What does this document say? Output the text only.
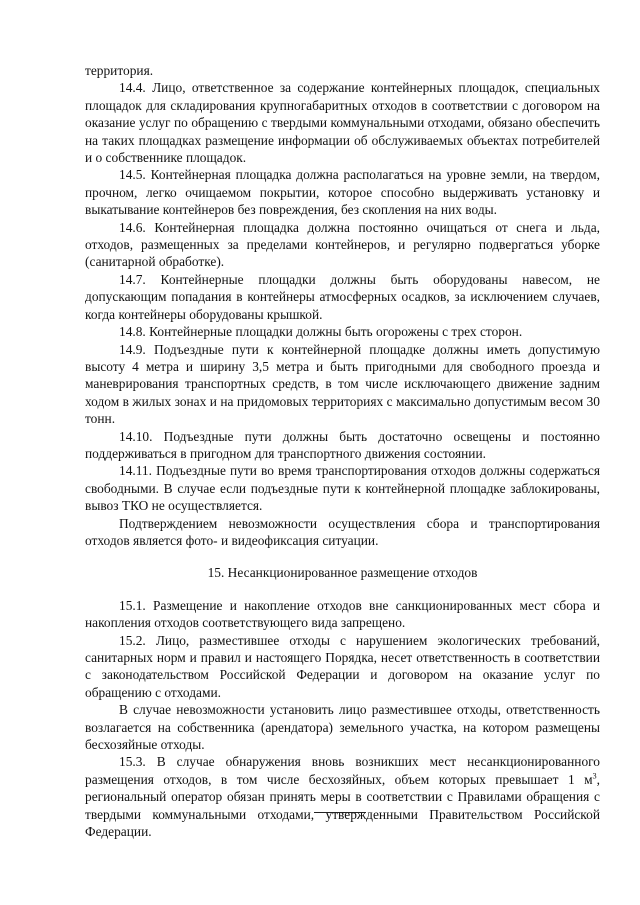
территория.

14.4. Лицо, ответственное за содержание контейнерных площадок, специальных площадок для складирования крупногабаритных отходов в соответствии с договором на оказание услуг по обращению с твердыми коммунальными отходами, обязано обеспечить на таких площадках размещение информации об обслуживаемых объектах потребителей и о собственнике площадок.

14.5. Контейнерная площадка должна располагаться на уровне земли, на твердом, прочном, легко очищаемом покрытии, которое способно выдерживать установку и выкатывание контейнеров без повреждения, без скопления на них воды.

14.6. Контейнерная площадка должна постоянно очищаться от снега и льда, отходов, размещенных за пределами контейнеров, и регулярно подвергаться уборке (санитарной обработке).

14.7. Контейнерные площадки должны быть оборудованы навесом, не допускающим попадания в контейнеры атмосферных осадков, за исключением случаев, когда контейнеры оборудованы крышкой.

14.8. Контейнерные площадки должны быть огорожены с трех сторон.

14.9. Подъездные пути к контейнерной площадке должны иметь допустимую высоту 4 метра и ширину 3,5 метра и быть пригодными для свободного проезда и маневрирования транспортных средств, в том числе исключающего движение задним ходом в жилых зонах и на придомовых территориях с максимально допустимым весом 30 тонн.

14.10. Подъездные пути должны быть достаточно освещены и постоянно поддерживаться в пригодном для транспортного движения состоянии.

14.11. Подъездные пути во время транспортирования отходов должны содержаться свободными. В случае если подъездные пути к контейнерной площадке заблокированы, вывоз ТКО не осуществляется.

Подтверждением невозможности осуществления сбора и транспортирования отходов является фото- и видеофиксация ситуации.

15. Несанкционированное размещение отходов

15.1. Размещение и накопление отходов вне санкционированных мест сбора и накопления отходов соответствующего вида запрещено.

15.2. Лицо, разместившее отходы с нарушением экологических требований, санитарных норм и правил и настоящего Порядка, несет ответственность в соответствии с законодательством Российской Федерации и договором на оказание услуг по обращению с отходами.

В случае невозможности установить лицо разместившее отходы, ответственность возлагается на собственника (арендатора) земельного участка, на котором размещены бесхозяйные отходы.

15.3. В случае обнаружения вновь возникших мест несанкционированного размещения отходов, в том числе бесхозяйных, объем которых превышает 1 $м^3$, региональный оператор обязан принять меры в соответствии с Правилами обращения с твердыми коммунальными отходами, утвержденными Правительством Российской Федерации.
